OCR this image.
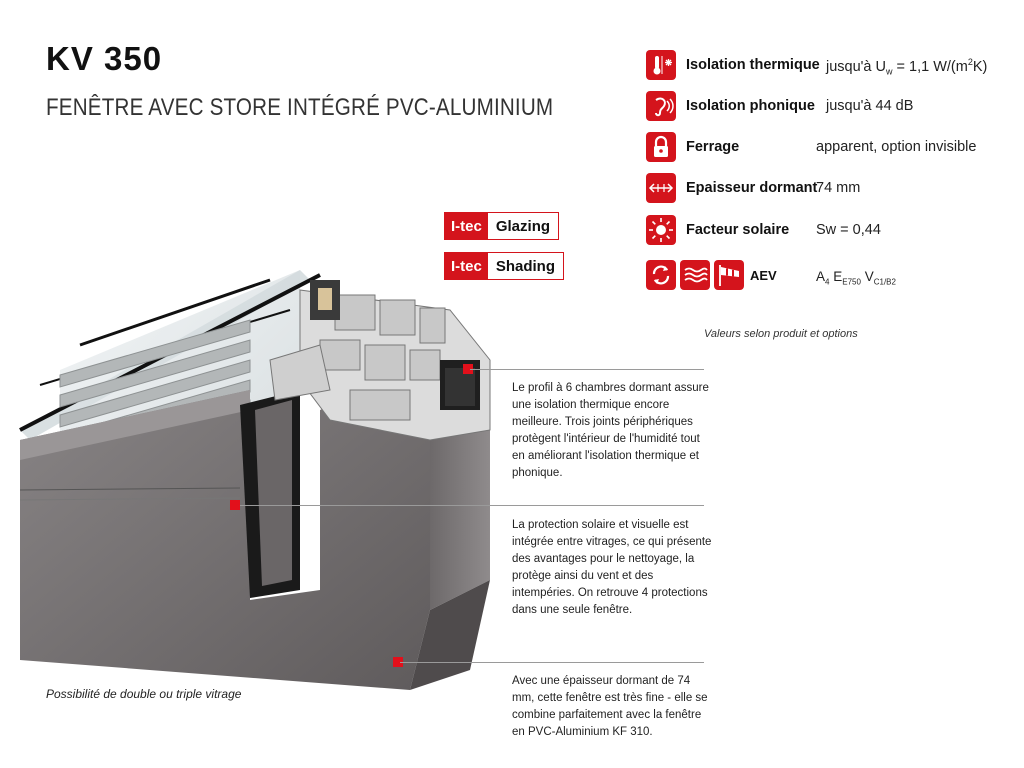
KV 350
FENÊTRE AVEC STORE INTÉGRÉ PVC-ALUMINIUM
I-tec Glazing
I-tec Shading
Isolation thermique jusqu'à $U_w = 1,1$ $W/(m^2K)$
Isolation phonique jusqu'à 44 dB
Ferrage	apparent, option invisible
Epaisseur dormant
74 mm
Facteur solaire Sw = 0,44
AEV	$A_4$ $E_{E750}$ $V_{C1/B2}$
Valeurs selon produit et options
Le profil à 6 chambres dormant assure une isolation thermique encore meilleure. Trois joints périphériques protègent l'intérieur de l'humidité tout en améliorant l'isolation thermique et phonique.
La protection solaire et visuelle est intégrée entre vitrages, ce qui présente des avantages pour le nettoyage, la protège ainsi du vent et des intempéries. On retrouve 4 protections dans une seule fenêtre.
Avec une épaisseur dormant de 74 mm, cette fenêtre est très fine - elle se combine parfaitement avec la fenêtre en PVC-Aluminium KF 310.
Possibilité de double ou triple vitrage
